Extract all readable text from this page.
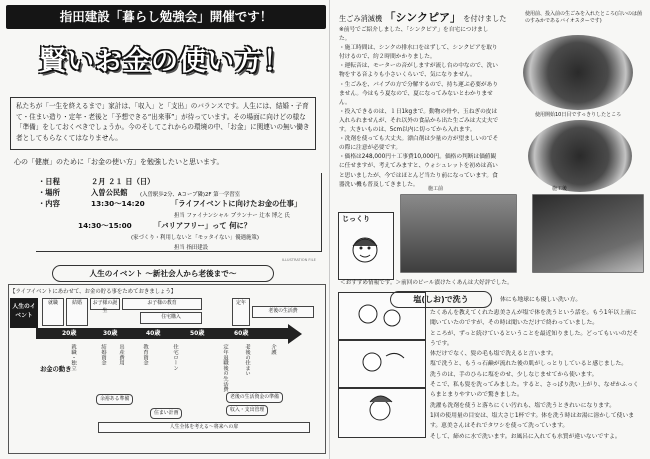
指田建設「暮らし勉強会」開催です！
賢いお金の使い方！
私たちが「一生を終えるまで」家計は、「収入」と「支出」のバランスです。人生には、結婚・子育て・住まい造り・定年・老後と「予想できる“出来事”」が待っています。その場面に向けどの様な「準備」をしておくべきでしょうか。今のそしてこれからの環境の中、「お金」に関連いの無い働き者としてもらなくてはなりません。
心の「健康」のために「お金の使い方」を勉強したいと思います。
・日程	２月 ２１ 日（日）
・場所	入曽公民館 (入曽駅歩2分、Aコープ隣)2F 第一学習室
・内容	13:30～14:20	「ライフイベントに向けたお金の仕事」
担当 ファイナンシャル プランナー 辻本 博之 氏
14:30～15:00	「バリアフリー」って 何に？
(家づくり・利用しないと「モッタイない」優遇施策)
担当 指田建設
ILLUSTRATION FILE
人生のイベント ～新社会人から老後まで～
【ライフイベントにあわせて、お金の貯る事をためておきましょう】
人生のイベント
お金の動き
就職	結婚	お子様の誕生
お子様の教育
住宅購入
定年
老後の生活費
20歳	30歳	40歳	50歳	60歳
就職・独立	結婚資金 出産費用	教育資金	住宅ローン	定年退職後の生活費	老後の住まい	介護
余裕ある準備	老後の生活資金の準備
住まい計画	収入・支出管理
人生全体を考える～将来への扉
生ごみ消滅機 「シンクピア」 を付けました

※前号でご紹介しました、「シンクピア」を自宅につけました。

・施工時間は、シンクの排水口をはずして、シンクピアを取り付けるので、約２時間かかりました。

・運転音は、モーターの音がしますが流し台の中なので、洗い物をする音よりも小さいくらいで、気になりません。

・生ごみを、パイプの方で分解するので、持ち運ぶ必要がありません。今はもう夏なので、夏になってみないとわかりません。

・投入できるのは、１日1kgまで。動物の骨や、玉ねぎの皮は入れられませんが、それ以外の食品から出た生ごみは大丈夫です。大きいものは、5cm以内に切ってから入れます。

・洗剤を使っても大丈夫。漂白剤は少量の方が望ましいのでその際に注意が必要です。

・価格は248,000円＋工事費10,000円。価格の判断は価値観に任せますが、考えてみますと、ウォシュレットを初めは高いと思いましたが、今ではほとんど当たり前になっています。食器洗い機も普及してきました。

使用前、投入前の生ごみを入れたところ(白いのは菌のすみかであるバイオスターです)
使用開始10日目ですっきりしたところ
施工前	施工後
じっくり
＜おすすめ情報です。＞前回のビール漬けたくあんは大好評でした。
塩(しお)で洗う	体にも地球にも優しい洗い方。

たくあんを教えてくれた恵美さんが塩で体を洗うという話を。もう1年以上前に聞いていたのですが、その時は聞いただけで終わっていました。

ところが、ずっと続けているということを最近知りました。どってもいいのだそうです。

体だけでなく、髪の毛も塩で洗えると言います。

塩で洗うと、もうっ石鹸が流れた後の肌がしっとりしていると感じました。

洗うのは、手のひらに塩をのせ、少しなじませてから使います。

そこで、私も髪を洗ってみました。すると、さっぱり洗い上がり、なぜかふっくらまとまりやすいので驚きました。

洗濯も洗剤を使うと落ちにくい汚れも、塩で洗うときれいになります。

1回の使用量の目安は、塩大さじ1杯です。体を洗う時はお湯に溶かして使います。恵美さんはそれでタワシを使って洗っています。

そして、締めに水で洗います。お風呂に入れても水質が違いないですよ。
